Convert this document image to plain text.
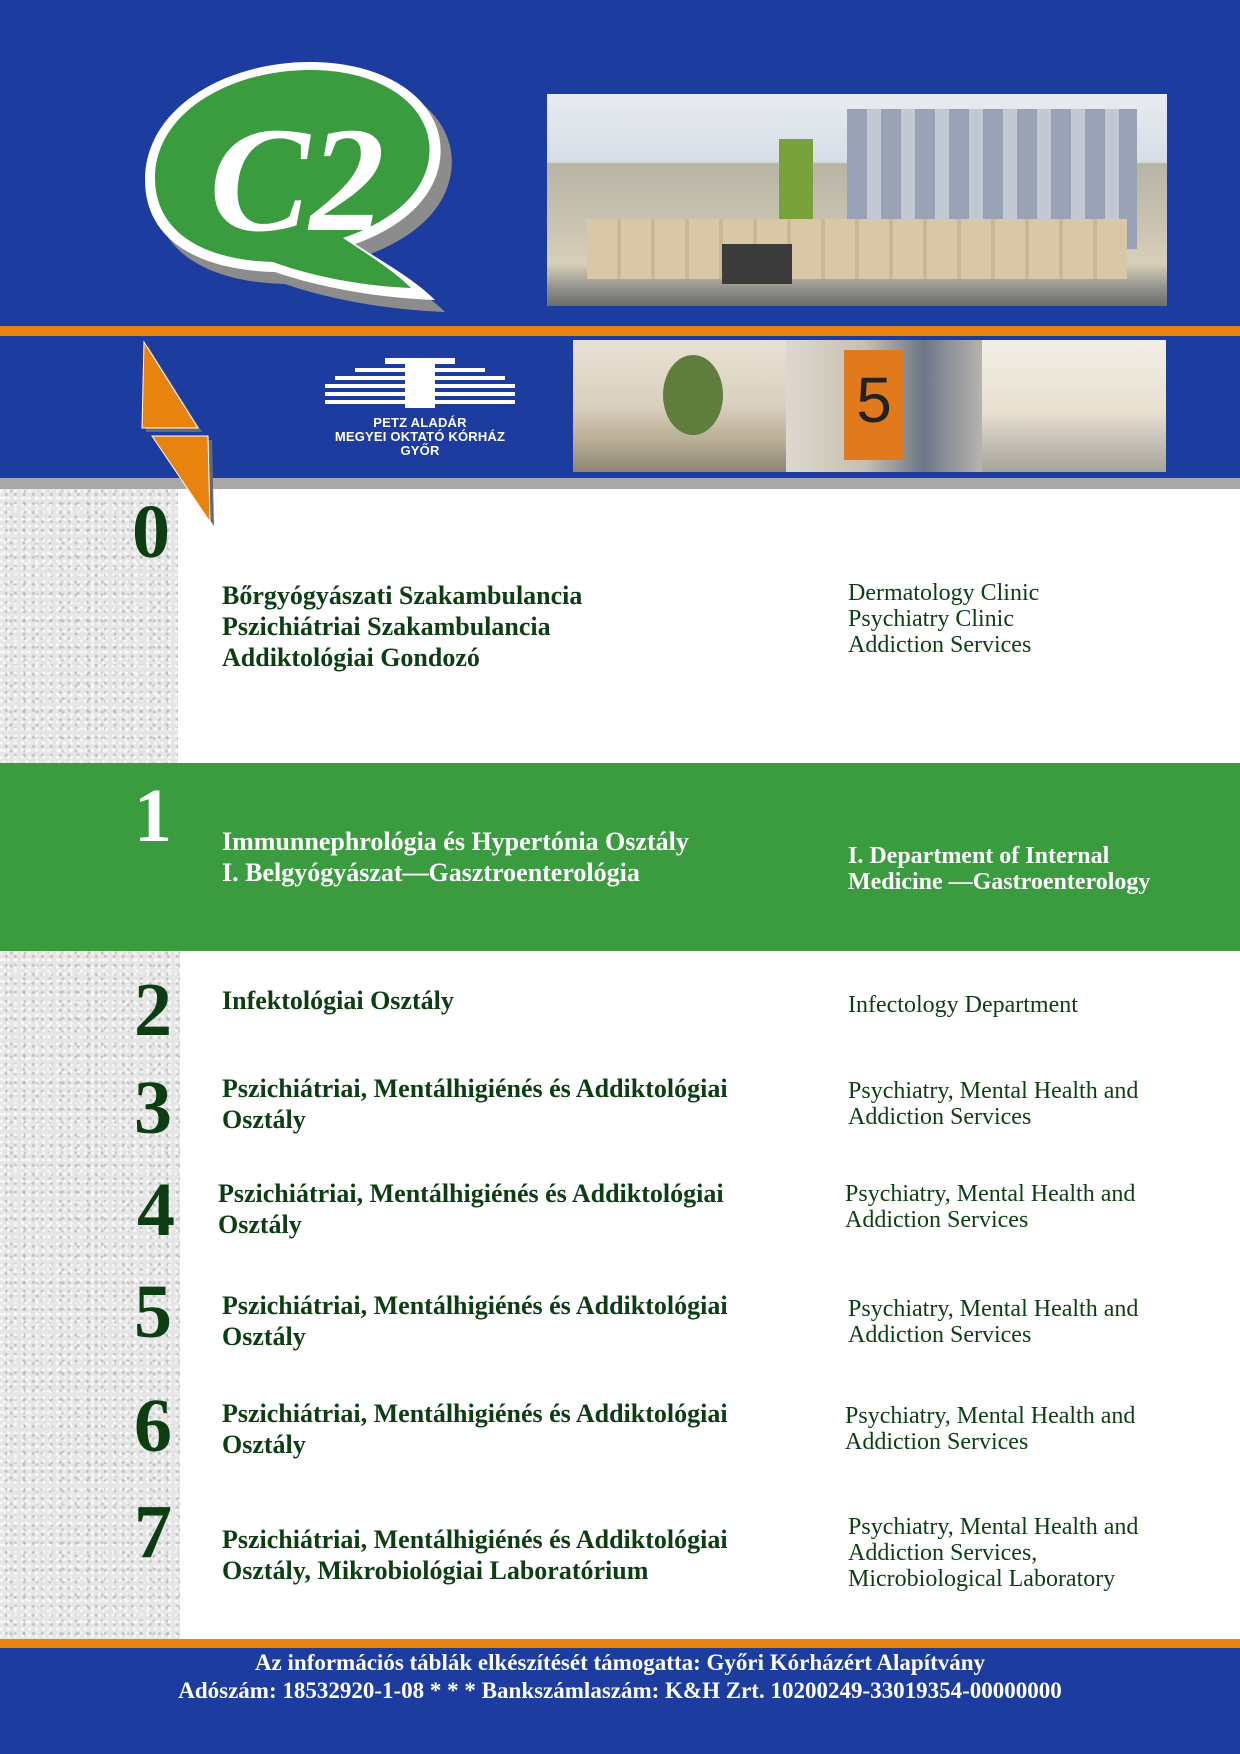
C2
PETZ ALADÁR
MEGYEI OKTATÓ KÓRHÁZ
GYŐR
5
0
Bőrgyógyászati Szakambulancia
Pszichiátriai Szakambulancia
Addiktológiai Gondozó
Dermatology Clinic
Psychiatry Clinic
Addiction Services
1 Immunnephrológia és Hypertónia Osztály
I. Belgyógyászat—Gasztroenterológia
I. Department of Internal
Medicine —Gastroenterology
2 Infektológiai Osztály	Infectology Department
3 Pszichiátriai, Mentálhigiénés és Addiktológiai
Osztály
Psychiatry, Mental Health and
Addiction Services
4 Pszichiátriai, Mentálhigiénés és Addiktológiai
Osztály
Psychiatry, Mental Health and
Addiction Services
5 Pszichiátriai, Mentálhigiénés és Addiktológiai
Osztály
Psychiatry, Mental Health and
Addiction Services
6 Pszichiátriai, Mentálhigiénés és Addiktológiai
Osztály
Psychiatry, Mental Health and
Addiction Services
7 Pszichiátriai, Mentálhigiénés és Addiktológiai
Osztály, Mikrobiológiai Laboratórium
Psychiatry, Mental Health and
Addiction Services,
Microbiological Laboratory
Az információs táblák elkészítését támogatta: Győri Kórházért Alapítvány
Adószám: 18532920-1-08 * * * Bankszámlaszám: K&H Zrt. 10200249-33019354-00000000
